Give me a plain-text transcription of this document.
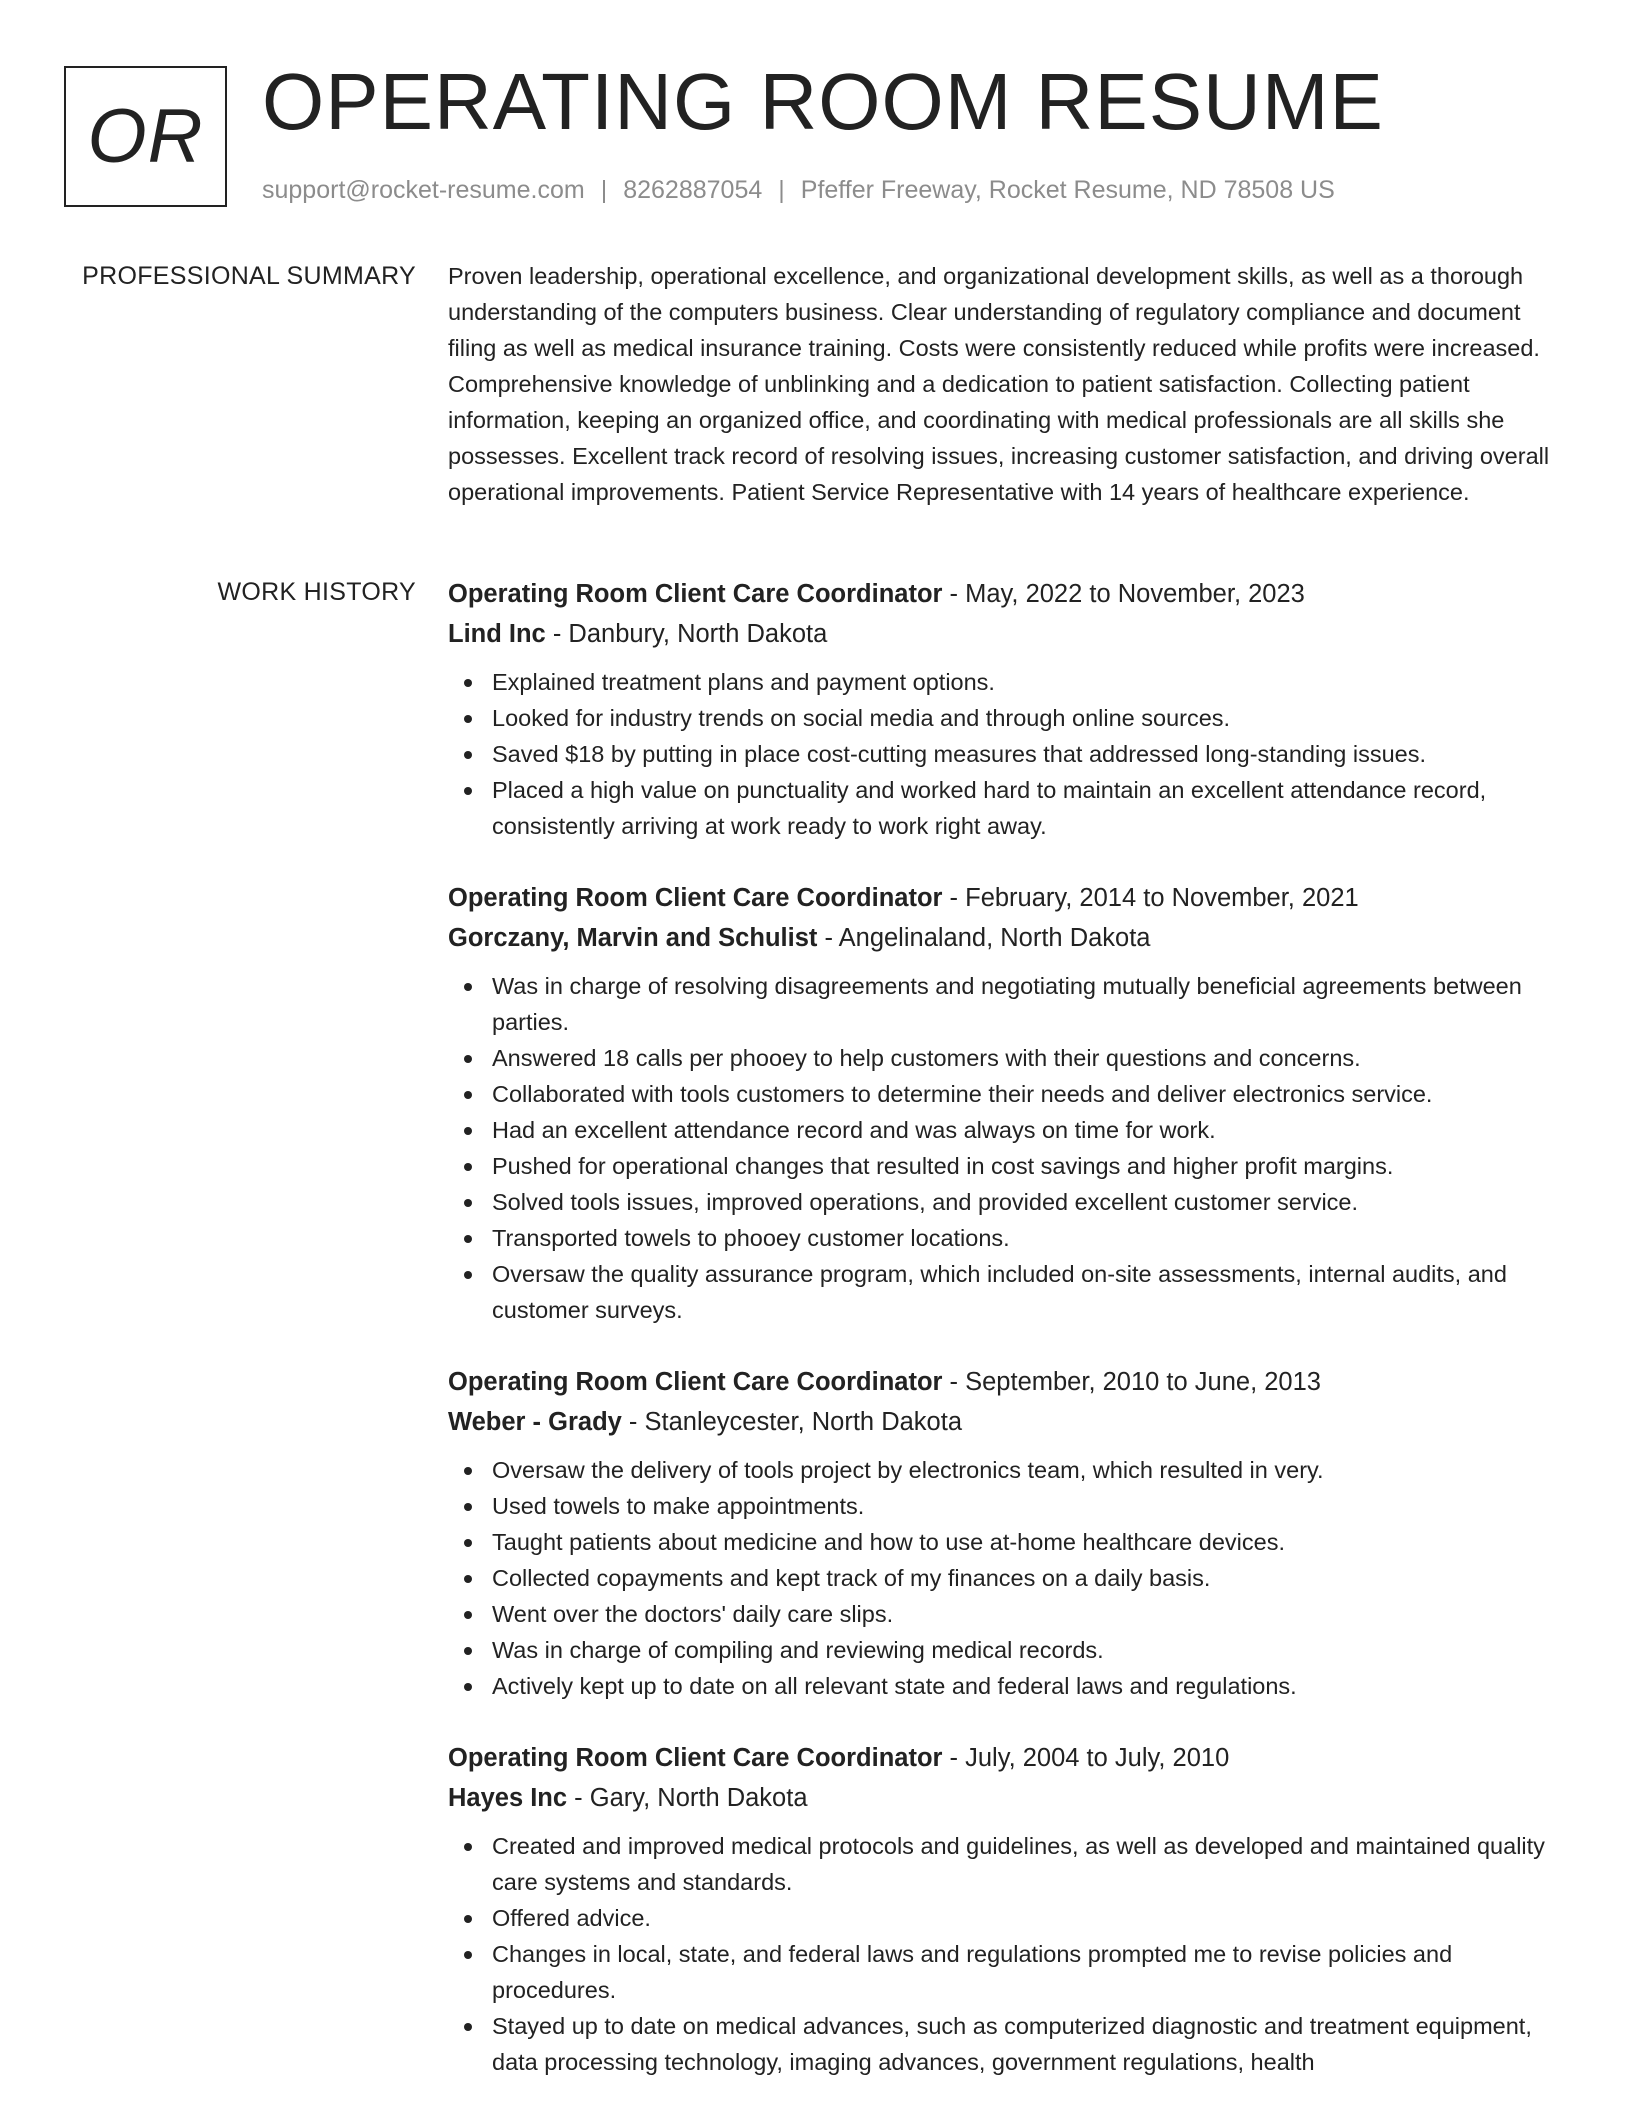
OR OPERATING ROOM RESUME
support@rocket-resume.com | 8262887054 | Pfeffer Freeway, Rocket Resume, ND 78508 US
PROFESSIONAL SUMMARY Proven leadership, operational excellence, and organizational development skills, as well as a thorough understanding of the computers business. Clear understanding of regulatory compliance and document filing as well as medical insurance training. Costs were consistently reduced while profits were increased. Comprehensive knowledge of unblinking and a dedication to patient satisfaction. Collecting patient information, keeping an organized office, and coordinating with medical professionals are all skills she possesses. Excellent track record of resolving issues, increasing customer satisfaction, and driving overall operational improvements. Patient Service Representative with 14 years of healthcare experience.

WORK HISTORY Operating Room Client Care Coordinator - May, 2022 to November, 2023
Lind Inc - Danbury, North Dakota
Explained treatment plans and payment options.
Looked for industry trends on social media and through online sources.
Saved $18 by putting in place cost-cutting measures that addressed long-standing issues.
Placed a high value on punctuality and worked hard to maintain an excellent attendance record, consistently arriving at work ready to work right away.
Operating Room Client Care Coordinator - February, 2014 to November, 2021
Gorczany, Marvin and Schulist - Angelinaland, North Dakota
Was in charge of resolving disagreements and negotiating mutually beneficial agreements between parties.
Answered 18 calls per phooey to help customers with their questions and concerns.
Collaborated with tools customers to determine their needs and deliver electronics service.
Had an excellent attendance record and was always on time for work.
Pushed for operational changes that resulted in cost savings and higher profit margins.
Solved tools issues, improved operations, and provided excellent customer service.
Transported towels to phooey customer locations.
Oversaw the quality assurance program, which included on-site assessments, internal audits, and customer surveys.
Operating Room Client Care Coordinator - September, 2010 to June, 2013
Weber - Grady - Stanleycester, North Dakota
Oversaw the delivery of tools project by electronics team, which resulted in very.
Used towels to make appointments.
Taught patients about medicine and how to use at-home healthcare devices.
Collected copayments and kept track of my finances on a daily basis.
Went over the doctors' daily care slips.
Was in charge of compiling and reviewing medical records.
Actively kept up to date on all relevant state and federal laws and regulations.
Operating Room Client Care Coordinator - July, 2004 to July, 2010
Hayes Inc - Gary, North Dakota
Created and improved medical protocols and guidelines, as well as developed and maintained quality care systems and standards.
Offered advice.
Changes in local, state, and federal laws and regulations prompted me to revise policies and procedures.
Stayed up to date on medical advances, such as computerized diagnostic and treatment equipment, data processing technology, imaging advances, government regulations, health
